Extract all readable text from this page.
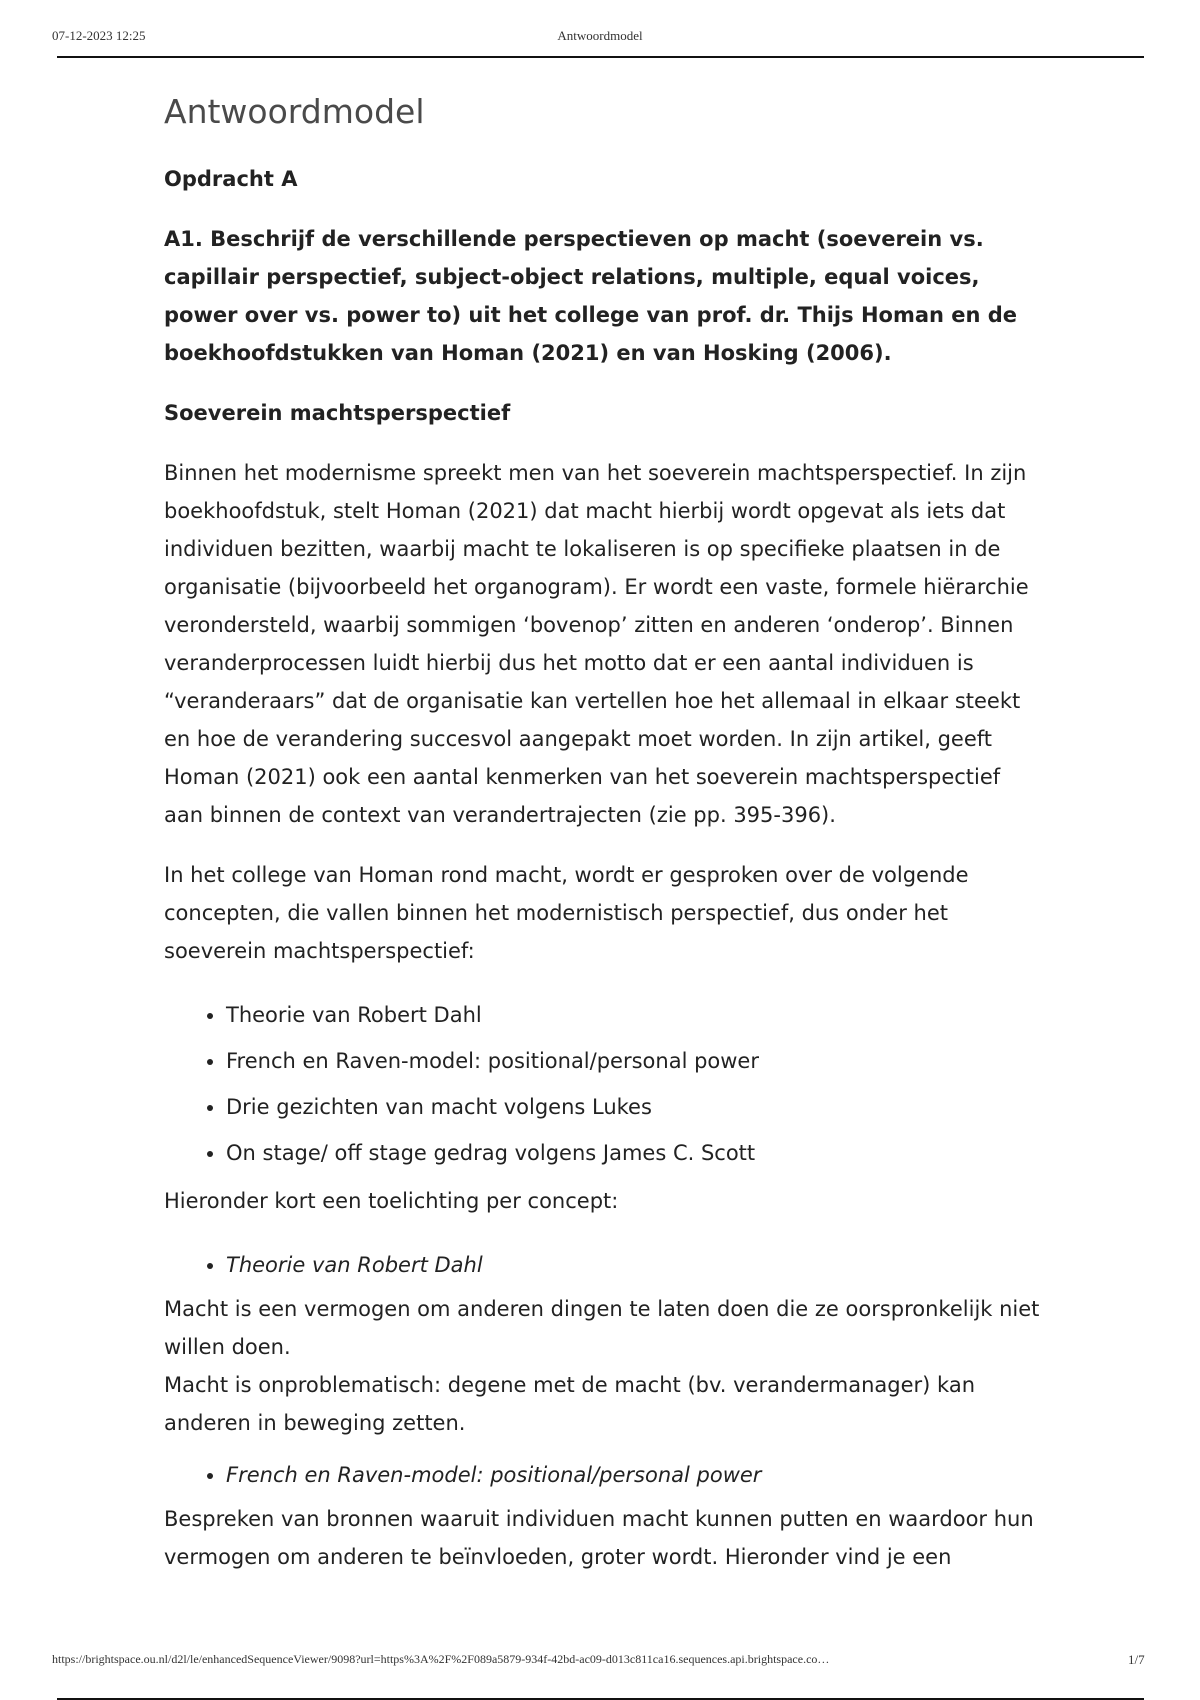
07-12-2023 12:25	Antwoordmodel
Antwoordmodel
Opdracht A
A1. Beschrijf de verschillende perspectieven op macht (soeverein vs. capillair perspectief, subject-object relations, multiple, equal voices, power over vs. power to) uit het college van prof. dr. Thijs Homan en de boekhoofdstukken van Homan (2021) en van Hosking (2006).
Soeverein machtsperspectief

Binnen het modernisme spreekt men van het soeverein machtsperspectief. In zijn boekhoofdstuk, stelt Homan (2021) dat macht hierbij wordt opgevat als iets dat individuen bezitten, waarbij macht te lokaliseren is op specifieke plaatsen in de organisatie (bijvoorbeeld het organogram). Er wordt een vaste, formele hiërarchie verondersteld, waarbij sommigen ‘bovenop’ zitten en anderen ‘onderop’. Binnen veranderprocessen luidt hierbij dus het motto dat er een aantal individuen is “veranderaars” dat de organisatie kan vertellen hoe het allemaal in elkaar steekt en hoe de verandering succesvol aangepakt moet worden. In zijn artikel, geeft Homan (2021) ook een aantal kenmerken van het soeverein machtsperspectief aan binnen de context van verandertrajecten (zie pp. 395-396).

In het college van Homan rond macht, wordt er gesproken over de volgende concepten, die vallen binnen het modernistisch perspectief, dus onder het soeverein machtsperspectief:

• Theorie van Robert Dahl
• French en Raven-model: positional/personal power
• Drie gezichten van macht volgens Lukes
• On stage/ off stage gedrag volgens James C. Scott

Hieronder kort een toelichting per concept:

• Theorie van Robert Dahl

Macht is een vermogen om anderen dingen te laten doen die ze oorspronkelijk niet willen doen.
Macht is onproblematisch: degene met de macht (bv. verandermanager) kan anderen in beweging zetten.

• French en Raven-model: positional/personal power

Bespreken van bronnen waaruit individuen macht kunnen putten en waardoor hun vermogen om anderen te beïnvloeden, groter wordt. Hieronder vind je een

https://brightspace.ou.nl/d2l/le/enhancedSequenceViewer/9098?url=https%3A%2F%2F089a5879-934f-42bd-ac09-d013c811ca16.sequences.api.brightspace.co…	1/7
